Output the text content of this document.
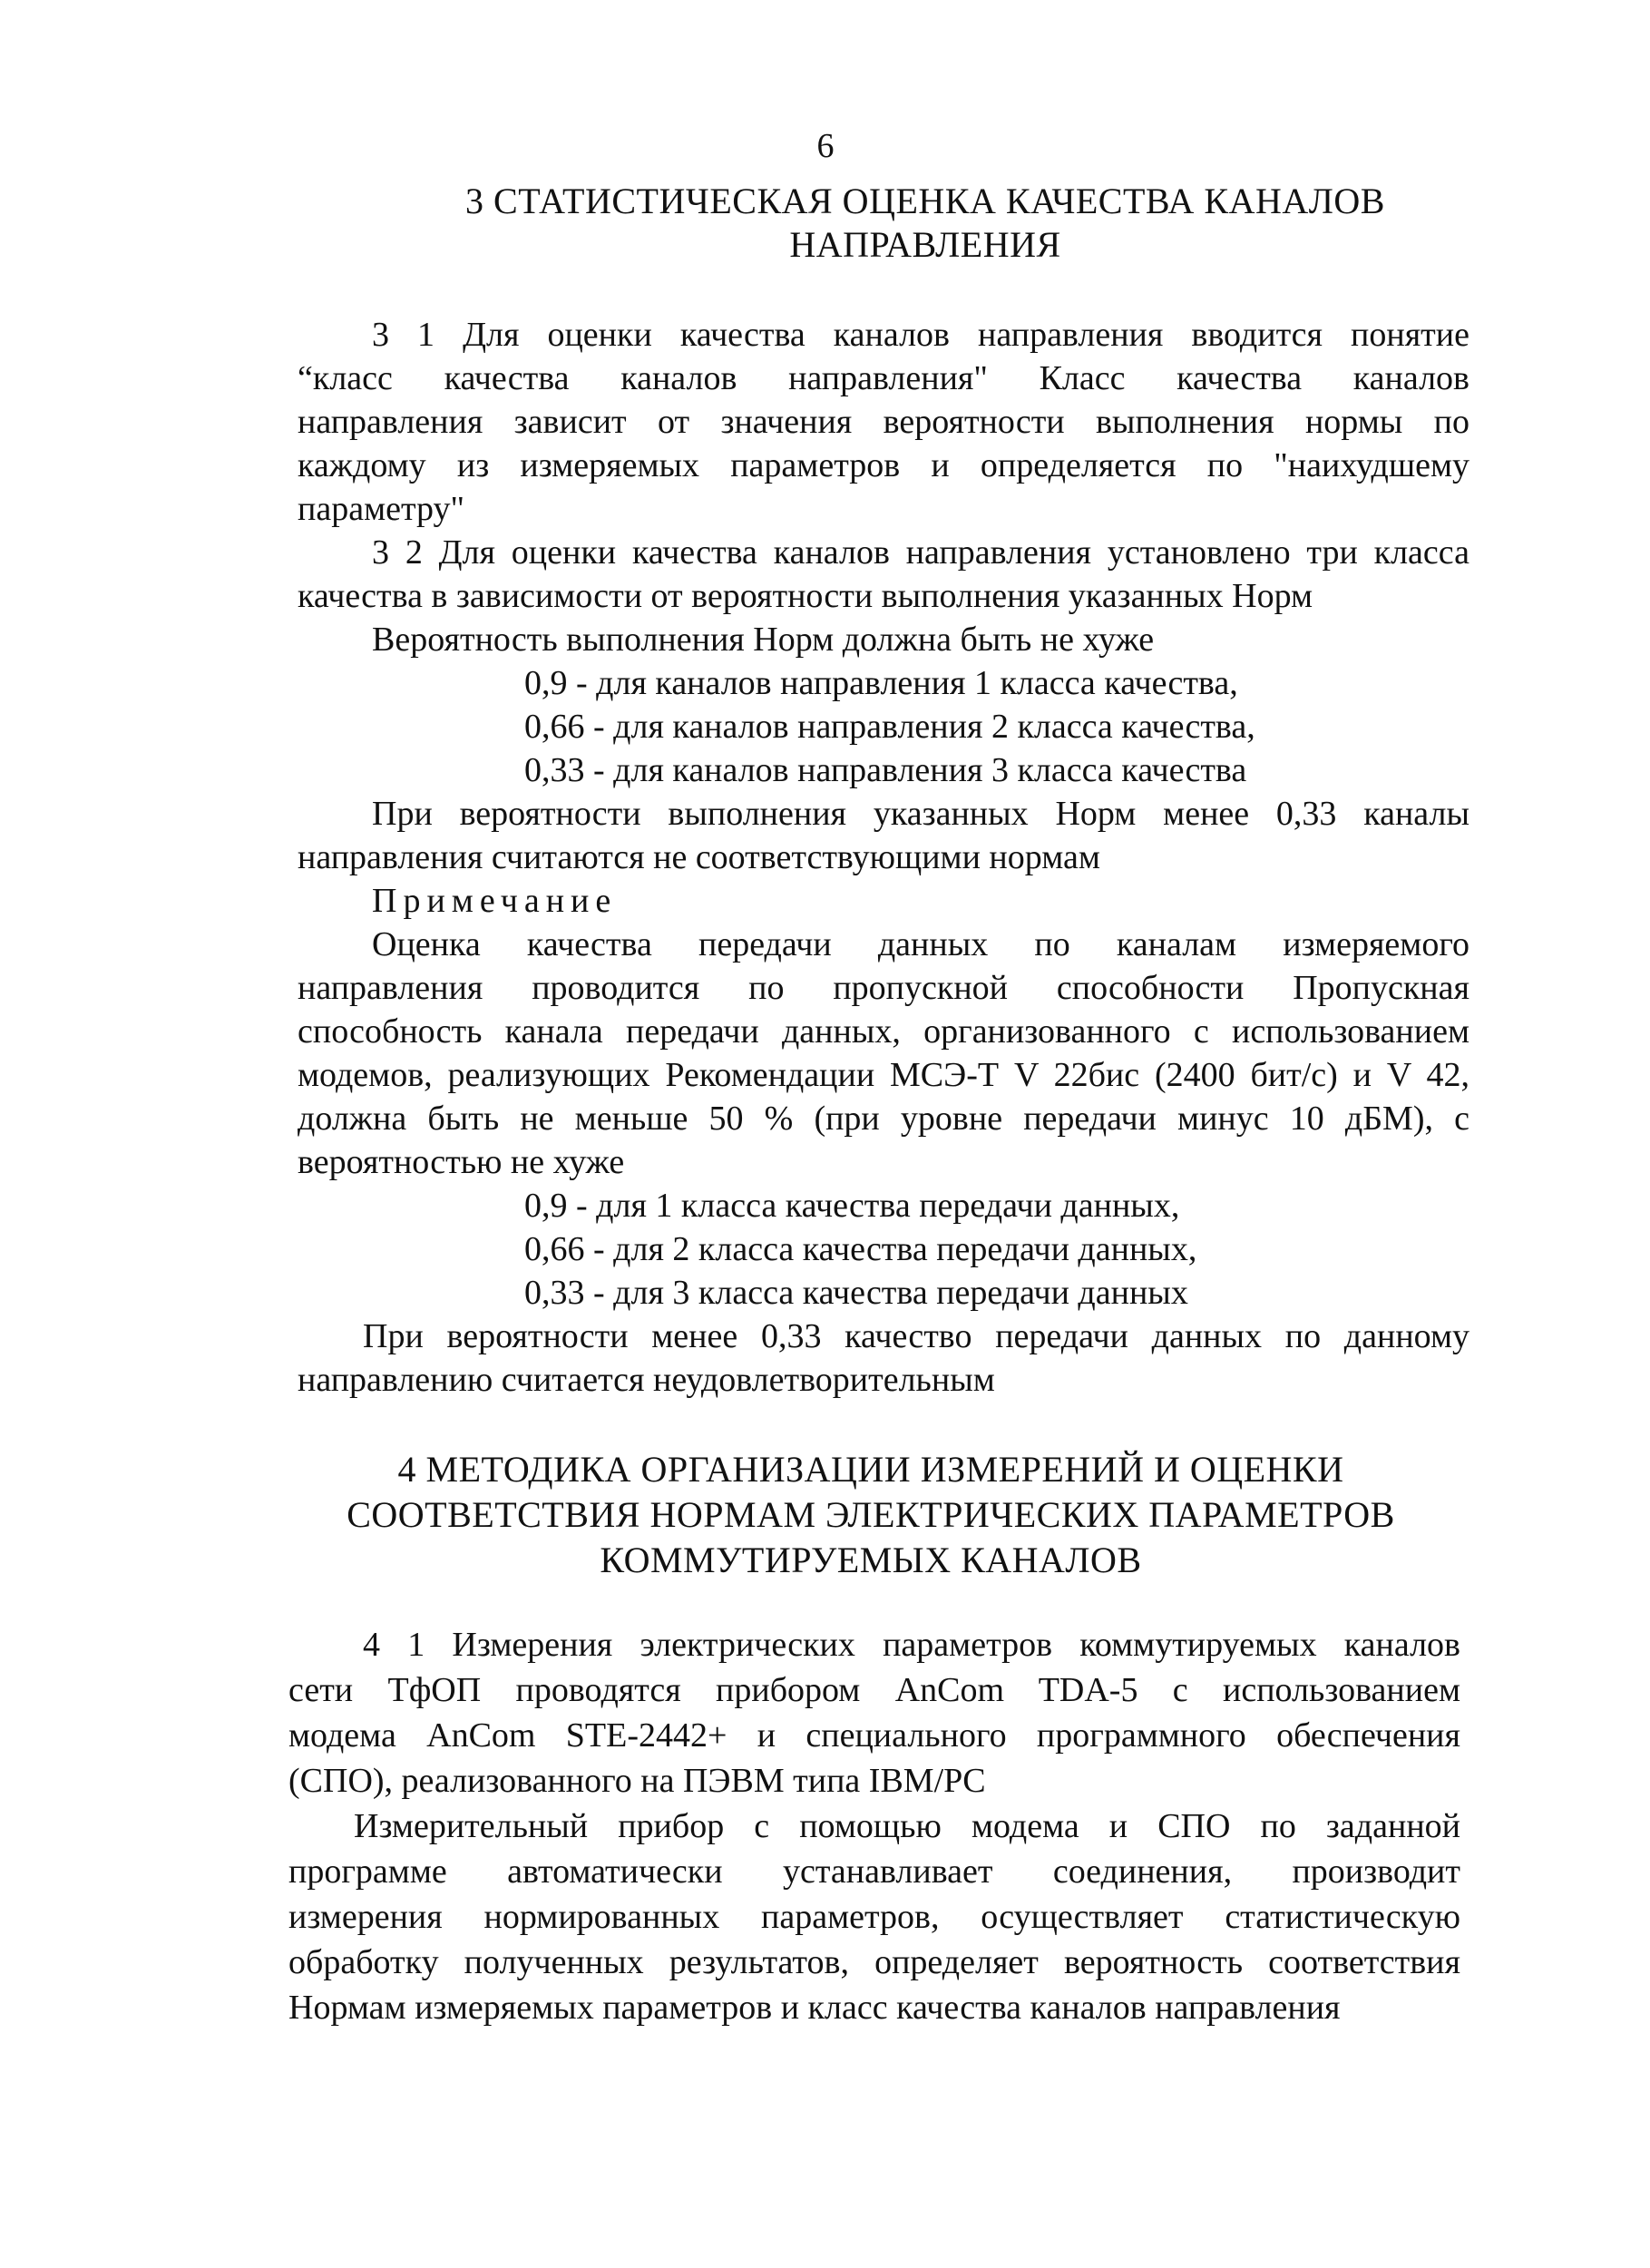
6
3 СТАТИСТИЧЕСКАЯ ОЦЕНКА КАЧЕСТВА КАНАЛОВ
НАПРАВЛЕНИЯ
3 1 Для оценки качества каналов направления вводится понятие
“класс качества каналов направления" Класс качества каналов
направления зависит от значения вероятности выполнения нормы по
каждому из измеряемых параметров и определяется по "наихудшему
параметру"
3 2 Для оценки качества каналов направления установлено три класса
качества в зависимости от вероятности выполнения указанных Норм
Вероятность выполнения Норм должна быть не хуже
0,9 - для каналов направления 1 класса качества,
0,66 - для каналов направления 2 класса качества,
0,33 - для каналов направления 3 класса качества
При вероятности выполнения указанных Норм менее 0,33 каналы
направления считаются не соответствующими нормам
Примечание
Оценка качества передачи данных по каналам измеряемого
направления проводится по пропускной способности Пропускная
способность канала передачи данных, организованного с использованием
модемов, реализующих Рекомендации МСЭ-Т V 22бис (2400 бит/с) и V 42,
должна быть не меньше 50 % (при уровне передачи минус 10 дБМ), с
вероятностью не хуже
0,9 - для 1 класса качества передачи данных,
0,66 - для 2 класса качества передачи данных,
0,33 - для 3 класса качества передачи данных
При вероятности менее 0,33 качество передачи данных по данному
направлению считается неудовлетворительным
4 МЕТОДИКА ОРГАНИЗАЦИИ ИЗМЕРЕНИЙ И ОЦЕНКИ
СООТВЕТСТВИЯ НОРМАМ ЭЛЕКТРИЧЕСКИХ ПАРАМЕТРОВ
КОММУТИРУЕМЫХ КАНАЛОВ
4 1 Измерения электрических параметров коммутируемых каналов
сети ТфОП проводятся прибором AnCom TDA-5 с использованием
модема AnCom STE-2442+ и специального программного обеспечения
(СПО), реализованного на ПЭВМ типа IBM/PC
Измерительный прибор с помощью модема и СПО по заданной
программе автоматически устанавливает соединения, производит
измерения нормированных параметров, осуществляет статистическую
обработку полученных результатов, определяет вероятность соответствия
Нормам измеряемых параметров и класс качества каналов направления
